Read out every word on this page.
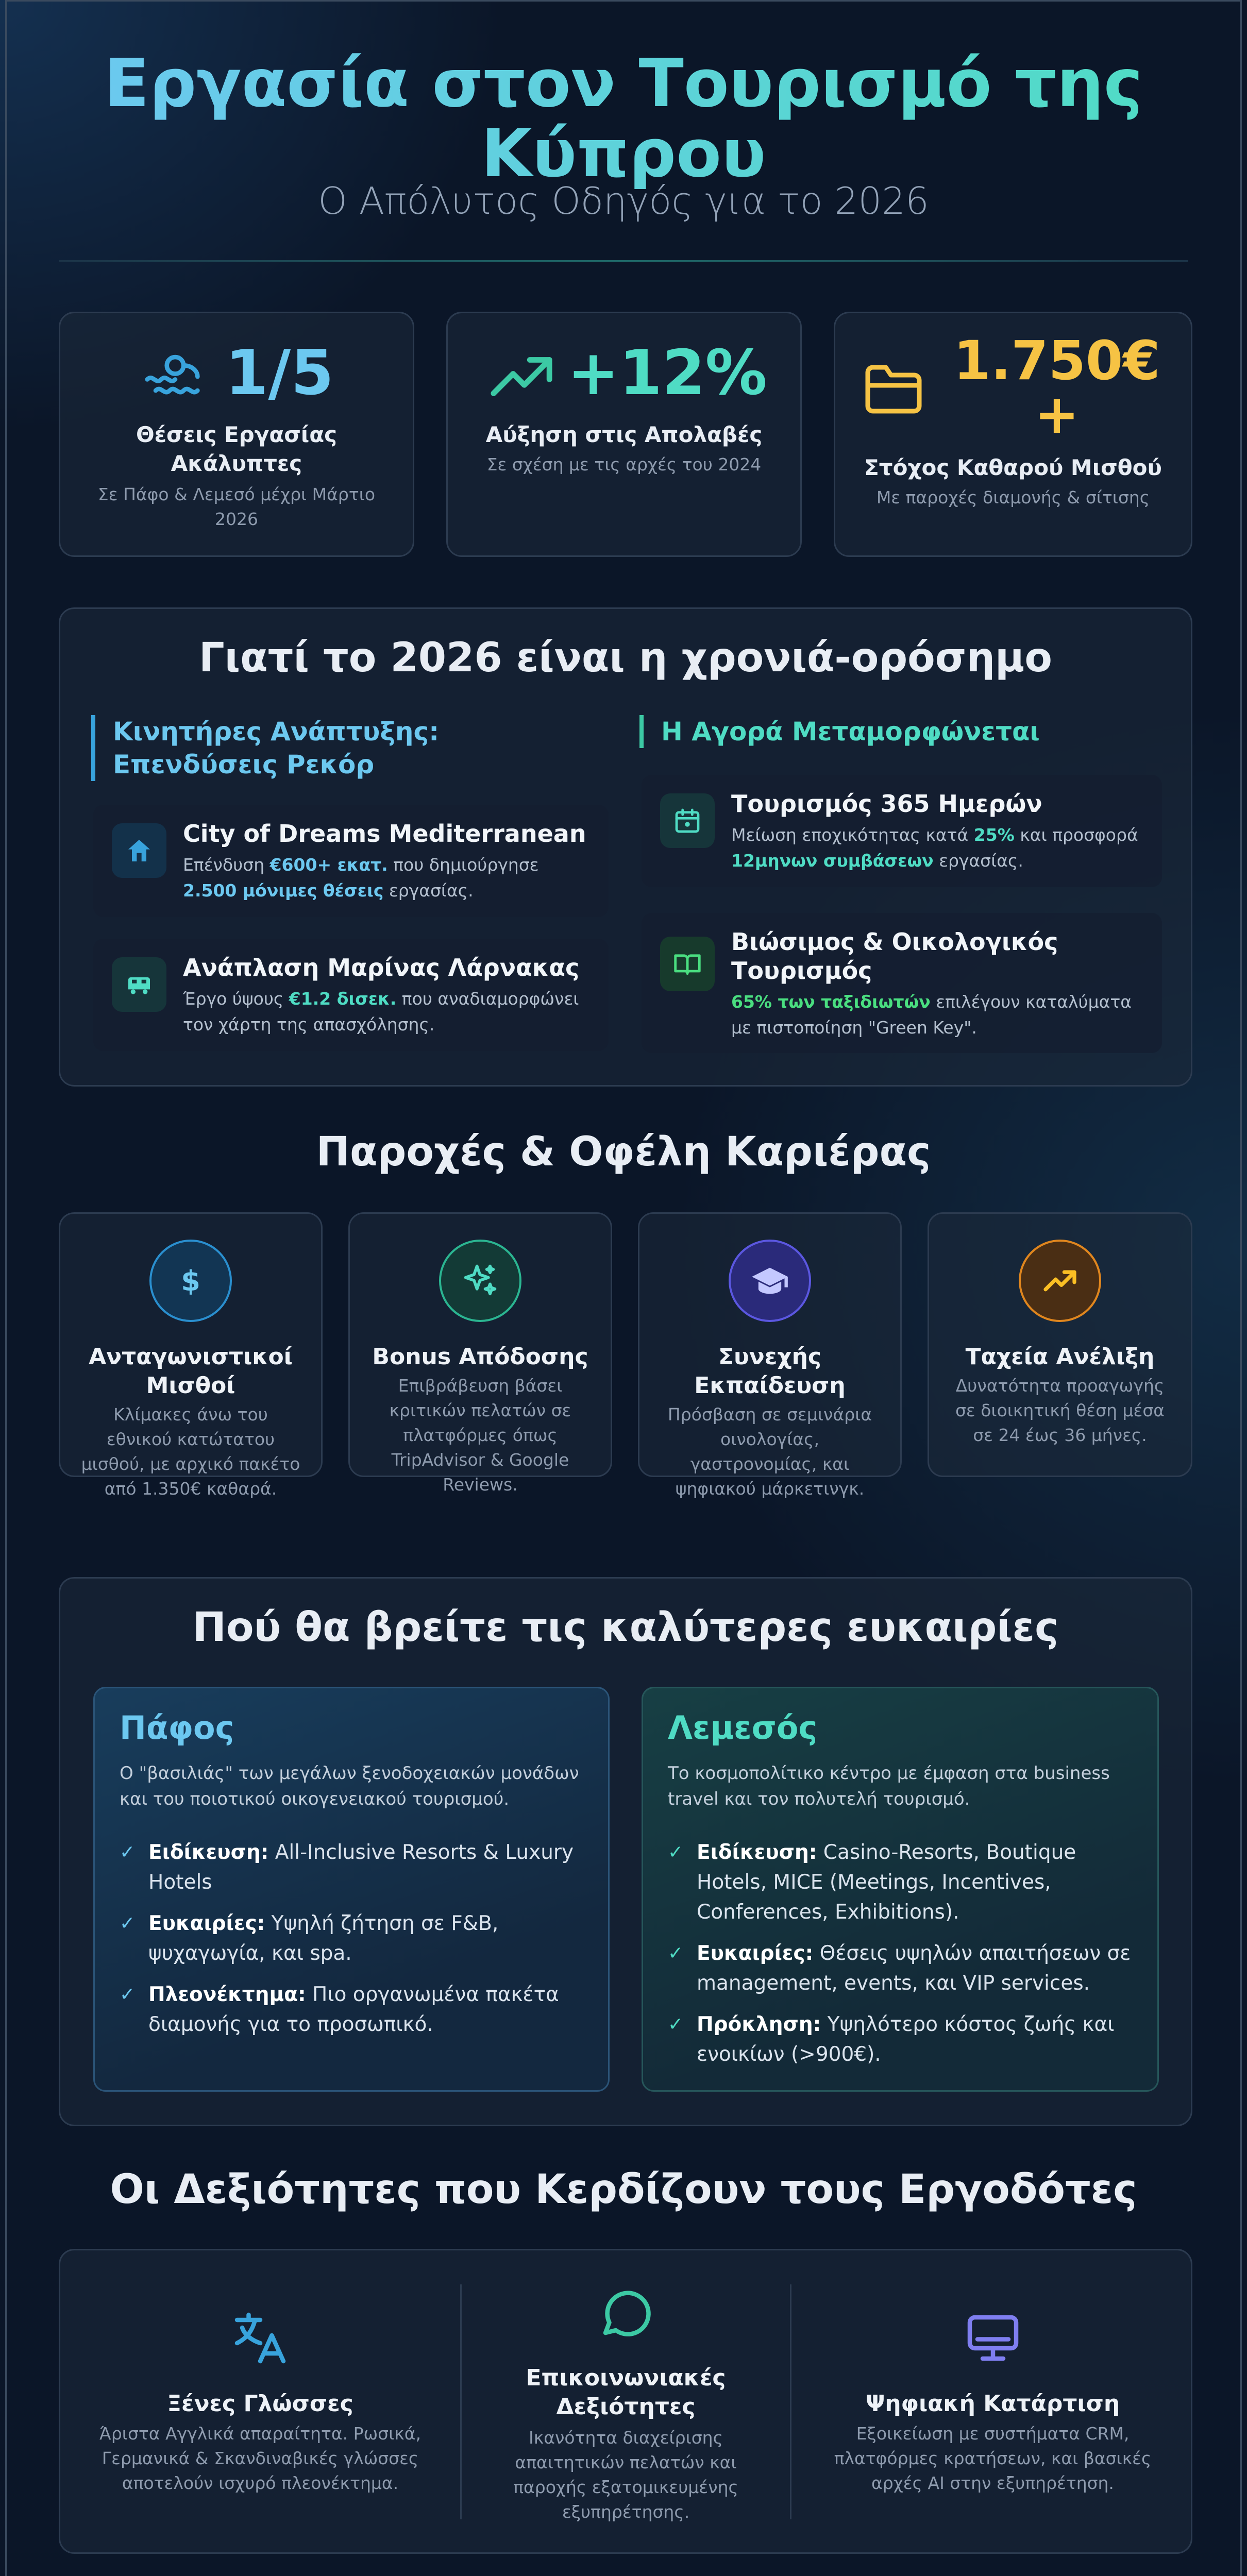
Εργασία στον Τουρισμό της Κύπρου
Ο Απόλυτος Οδηγός για το 2026
1/5
Θέσεις Εργασίας Ακάλυπτες
Σε Πάφο & Λεμεσό μέχρι Μάρτιο 2026
+12%
Αύξηση στις Απολαβές
Σε σχέση με τις αρχές του 2024
1.750€ +
Στόχος Καθαρού Μισθού
Με παροχές διαμονής & σίτισης
Γιατί το 2026 είναι η χρονιά-ορόσημο
Κινητήρες Ανάπτυξης: Επενδύσεις Ρεκόρ
Η Αγορά Μεταμορφώνεται
City of Dreams Mediterranean
Επένδυση €600+ εκατ. που δημιούργησε 2.500 μόνιμες θέσεις εργασίας.
Ανάπλαση Μαρίνας Λάρνακας
Έργο ύψους €1.2 δισεκ. που αναδιαμορφώνει τον χάρτη της απασχόλησης.
Τουρισμός 365 Ημερών
Μείωση εποχικότητας κατά 25% και προσφορά 12μηνων συμβάσεων εργασίας.
Βιώσιμος & Οικολογικός Τουρισμός
65% των ταξιδιωτών επιλέγουν καταλύματα με πιστοποίηση "Green Key".
Παροχές & Οφέλη Καριέρας
$
Ανταγωνιστικοί Μισθοί
Κλίμακες άνω του εθνικού κατώτατου μισθού, με αρχικό πακέτο από 1.350€ καθαρά.
Bonus Απόδοσης
Επιβράβευση βάσει κριτικών πελατών σε πλατφόρμες όπως TripAdvisor & Google Reviews.
Συνεχής Εκπαίδευση
Πρόσβαση σε σεμινάρια οινολογίας, γαστρονομίας, και ψηφιακού μάρκετινγκ.
Ταχεία Ανέλιξη
Δυνατότητα προαγωγής σε διοικητική θέση μέσα σε 24 έως 36 μήνες.
Πού θα βρείτε τις καλύτερες ευκαιρίες
Πάφος
Ο "βασιλιάς" των μεγάλων ξενοδοχειακών μονάδων και του ποιοτικού οικογενειακού τουρισμού.
✓ Ειδίκευση: All-Inclusive Resorts & Luxury Hotels
✓ Ευκαιρίες: Υψηλή ζήτηση σε F&B, ψυχαγωγία, και spa.
✓ Πλεονέκτημα: Πιο οργανωμένα πακέτα διαμονής για το προσωπικό.
Λεμεσός
Το κοσμοπολίτικο κέντρο με έμφαση στα business travel και τον πολυτελή τουρισμό.
✓ Ειδίκευση: Casino-Resorts, Boutique Hotels, MICE (Meetings, Incentives, Conferences, Exhibitions).
✓ Ευκαιρίες: Θέσεις υψηλών απαιτήσεων σε management, events, και VIP services.
✓ Πρόκληση: Υψηλότερο κόστος ζωής και ενοικίων (>900€).
Οι Δεξιότητες που Κερδίζουν τους Εργοδότες
Ξένες Γλώσσες
Άριστα Αγγλικά απαραίτητα. Ρωσικά, Γερμανικά & Σκανδιναβικές γλώσσες αποτελούν ισχυρό πλεονέκτημα.
Επικοινωνιακές Δεξιότητες
Ικανότητα διαχείρισης απαιτητικών πελατών και παροχής εξατομικευμένης εξυπηρέτησης.
Ψηφιακή Κατάρτιση
Εξοικείωση με συστήματα CRM, πλατφόρμες κρατήσεων, και βασικές αρχές AI στην εξυπηρέτηση.
